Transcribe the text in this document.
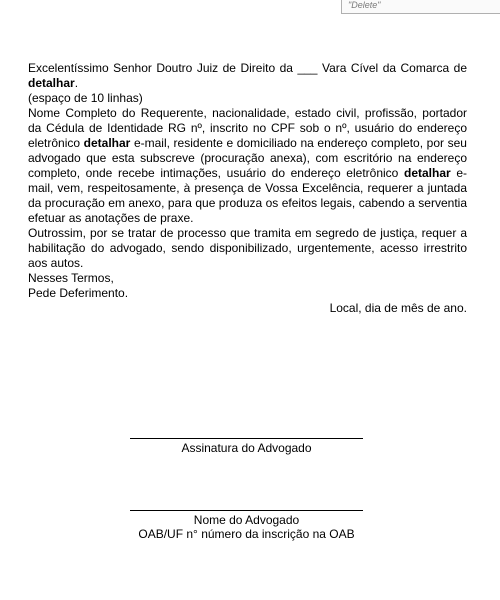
"Delete"

Excelentíssimo Senhor Doutro Juiz de Direito da ___ Vara Cível da Comarca de detalhar.

(espaço de 10 linhas)

Nome Completo do Requerente, nacionalidade, estado civil, profissão, portador da Cédula de Identidade RG nº, inscrito no CPF sob o nº, usuário do endereço eletrônico detalhar e-mail, residente e domiciliado na endereço completo, por seu advogado que esta subscreve (procuração anexa), com escritório na endereço completo, onde recebe intimações, usuário do endereço eletrônico detalhar e-mail, vem, respeitosamente, à presença de Vossa Excelência, requerer a juntada da procuração em anexo, para que produza os efeitos legais, cabendo a serventia efetuar as anotações de praxe.

Outrossim, por se tratar de processo que tramita em segredo de justiça, requer a habilitação do advogado, sendo disponibilizado, urgentemente, acesso irrestrito aos autos.

Nesses Termos,

Pede Deferimento.

Local, dia de mês de ano.

Assinatura do Advogado
Nome do Advogado
OAB/UF n° número da inscrição na OAB
